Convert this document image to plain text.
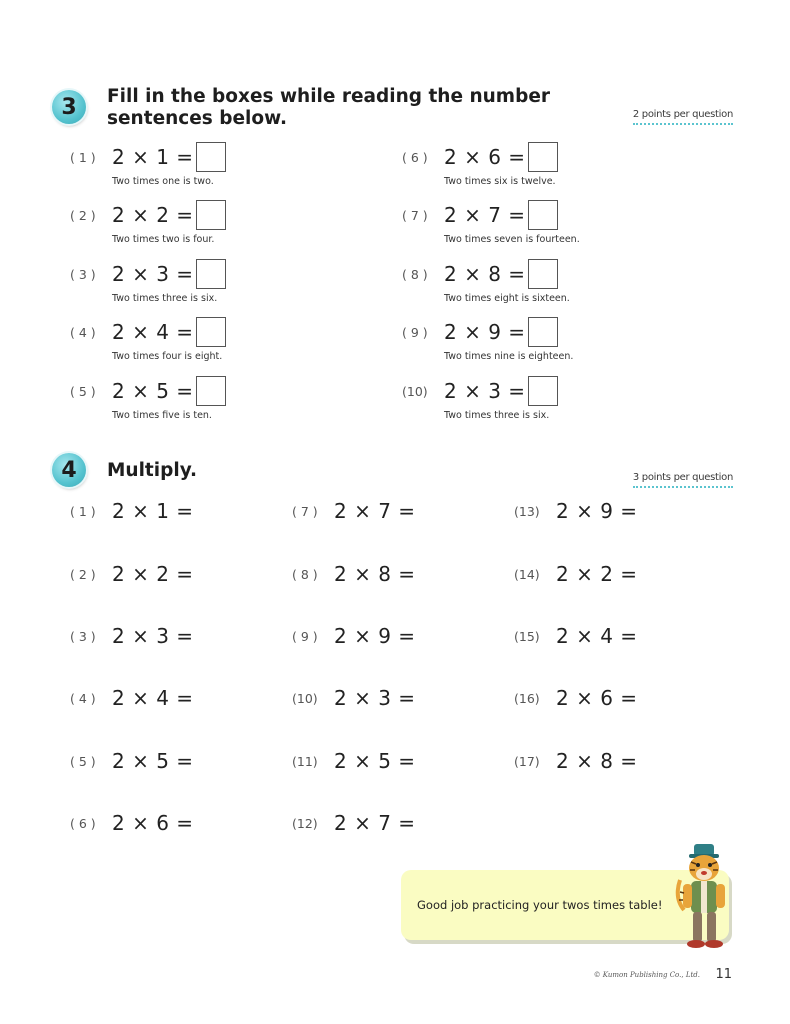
3 Fill in the boxes while reading the number
sentences below.	2 points per question
( 1 ) 2 × 1 =
Two times one is two.
( 2 ) 2 × 2 =
Two times two is four.
( 3 ) 2 × 3 =
Two times three is six.
( 4 ) 2 × 4 =
Two times four is eight.
( 5 ) 2 × 5 =
Two times five is ten.
( 6 ) 2 × 6 =
Two times six is twelve.
( 7 ) 2 × 7 =
Two times seven is fourteen.
( 8 ) 2 × 8 =
Two times eight is sixteen.
( 9 ) 2 × 9 =
Two times nine is eighteen.
(10) 2 × 3 =
Two times three is six.
4 Multiply.	3 points per question
( 1 ) 2 × 1 =
( 2 ) 2 × 2 =
( 3 ) 2 × 3 =
( 4 ) 2 × 4 =
( 5 ) 2 × 5 =
( 6 ) 2 × 6 =
( 7 ) 2 × 7 =
( 8 ) 2 × 8 =
( 9 ) 2 × 9 =
(10) 2 × 3 =
(11) 2 × 5 =
(12) 2 × 7 =
(13) 2 × 9 =
(14) 2 × 2 =
(15) 2 × 4 =
(16) 2 × 6 =
(17) 2 × 8 =
Good job practicing your twos times table!
© Kumon Publishing Co., Ltd. 11
